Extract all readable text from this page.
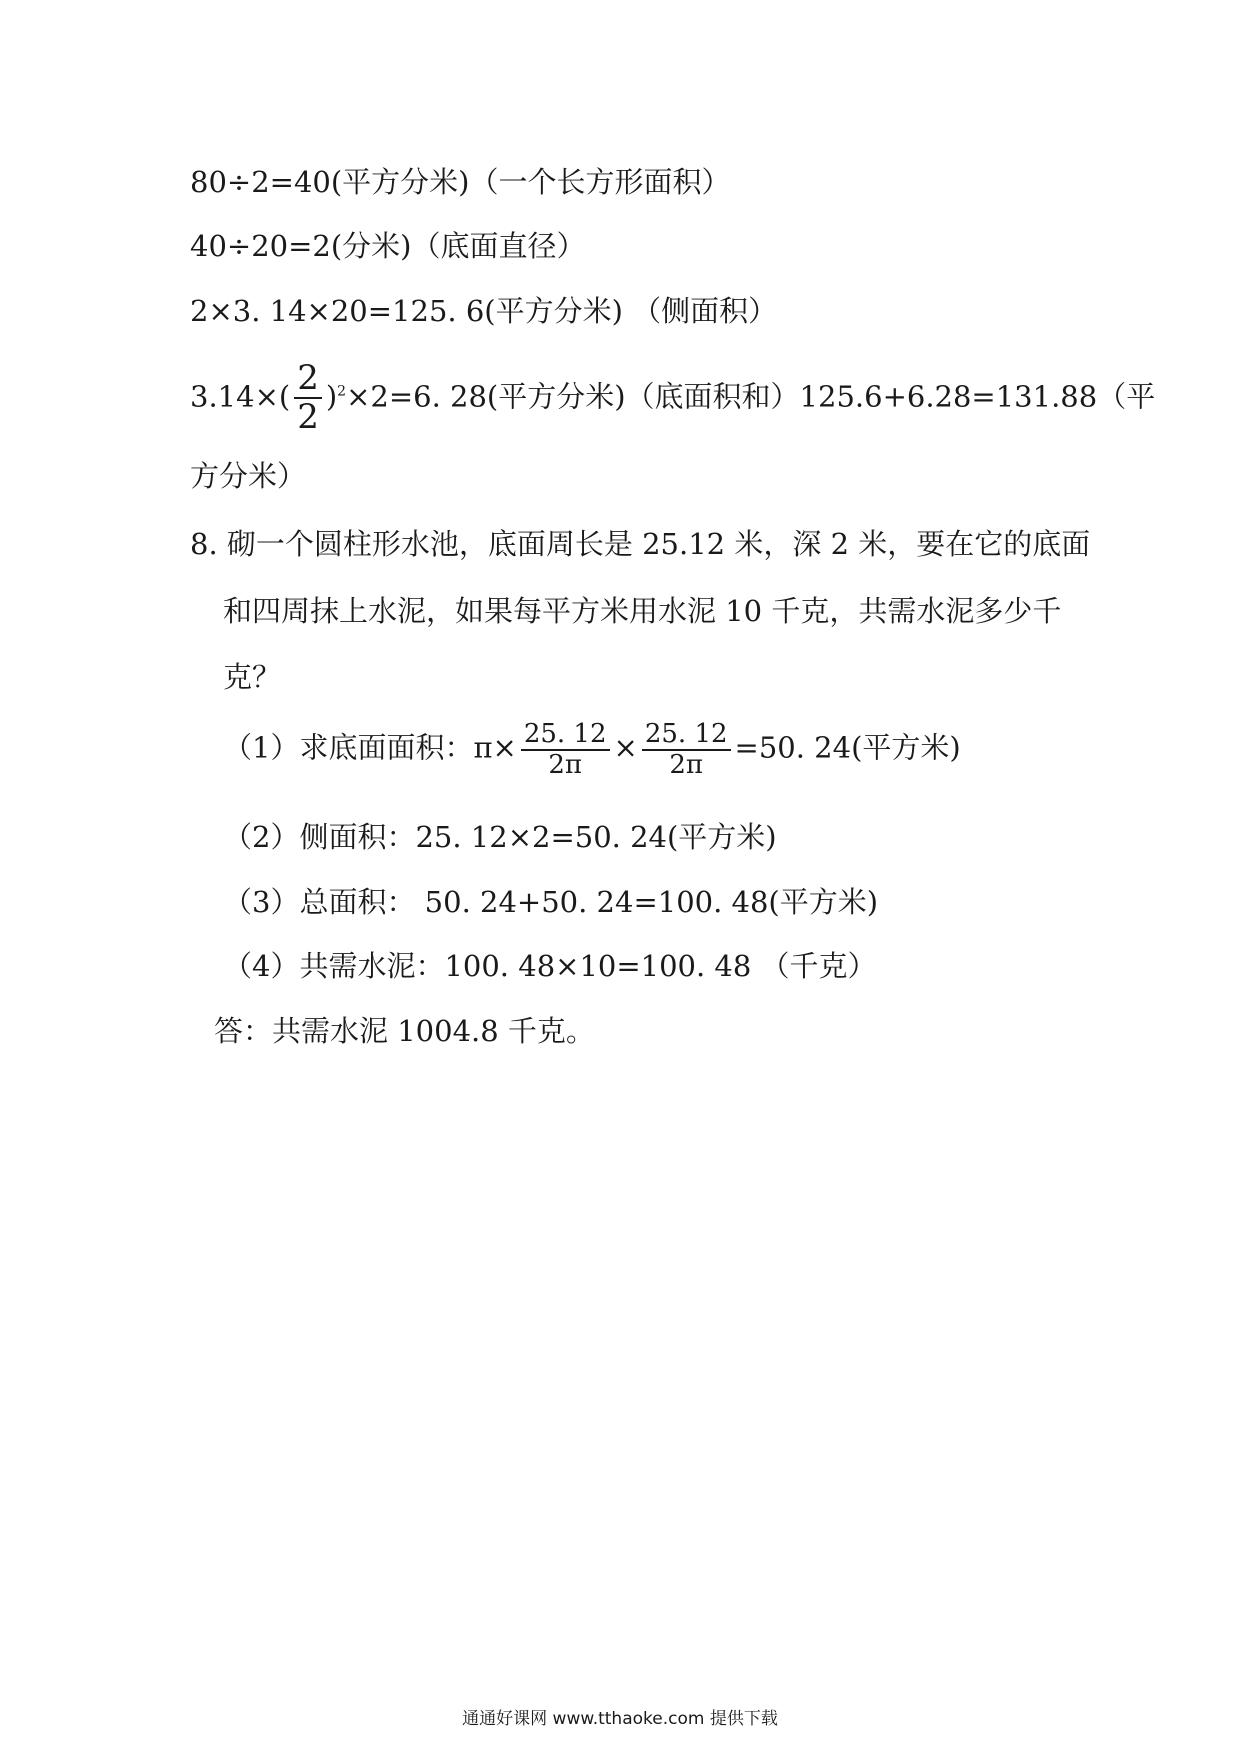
80÷2=40(平方分米)（一个长方形面积）
40÷20=2(分米)（底面直径）
2×3. 14×20=125. 6(平方分米) （侧面积）
$3.14\times( \frac{2}{2} )^2\times 2=6$. 28(平方分米)（底面积和）125.6+6.28=131.88（平
方分米）
8. 砌一个圆柱形水池，底面周长是 25.12 米，深 2 米，要在它的底面
和四周抹上水泥，如果每平方米用水泥 10 千克，共需水泥多少千
克？
（1）求底面面积：$\pi\times \frac{25. 12}{2\pi} \times \frac{25. 12}{2\pi} =50$. 24(平方米)
（2）侧面积：25. 12×2=50. 24(平方米)
（3）总面积： 50. 24+50. 24=100. 48(平方米)
（4）共需水泥：100. 48×10=100. 48 （千克）
答：共需水泥 1004.8 千克。
通通好课网 www.tthaoke.com 提供下载
